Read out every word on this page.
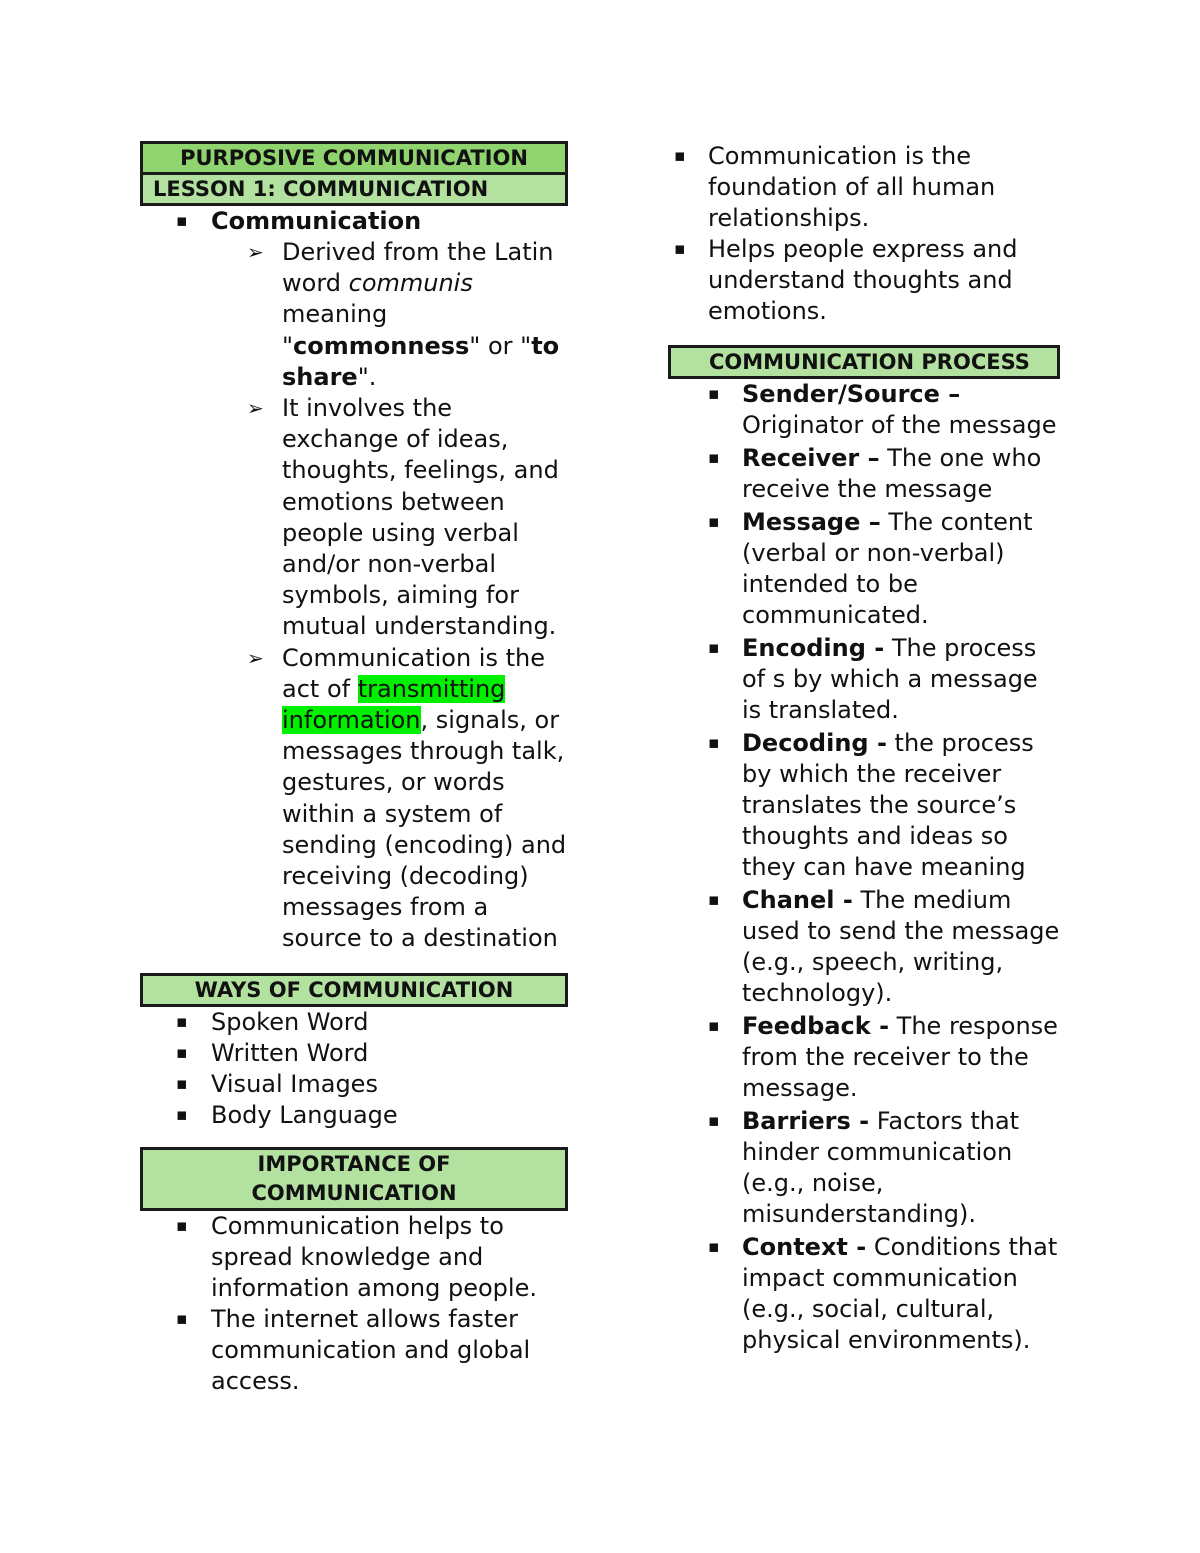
PURPOSIVE COMMUNICATION
LESSON 1: COMMUNICATION
▪ Communication
➢ Derived from the Latin word communis meaning "commonness" or "to share".
➢ It involves the exchange of ideas, thoughts, feelings, and emotions between people using verbal and/or non-verbal symbols, aiming for mutual understanding.
➢ Communication is the act of transmitting information, signals, or messages through talk, gestures, or words within a system of sending (encoding) and receiving (decoding) messages from a source to a destination
WAYS OF COMMUNICATION
▪ Spoken Word
▪ Written Word
▪ Visual Images
▪ Body Language
IMPORTANCE OF COMMUNICATION
▪ Communication helps to spread knowledge and information among people.
▪ The internet allows faster communication and global access.
▪ Communication is the foundation of all human relationships.
▪ Helps people express and understand thoughts and emotions.
COMMUNICATION PROCESS
▪ Sender/Source – Originator of the message
▪ Receiver – The one who receive the message
▪ Message – The content (verbal or non-verbal) intended to be communicated.
▪ Encoding - The process of s by which a message is translated.
▪ Decoding - the process by which the receiver translates the source’s thoughts and ideas so they can have meaning
▪ Chanel - The medium used to send the message (e.g., speech, writing, technology).
▪ Feedback - The response from the receiver to the message.
▪ Barriers - Factors that hinder communication (e.g., noise, misunderstanding).
▪ Context - Conditions that impact communication (e.g., social, cultural, physical environments).
